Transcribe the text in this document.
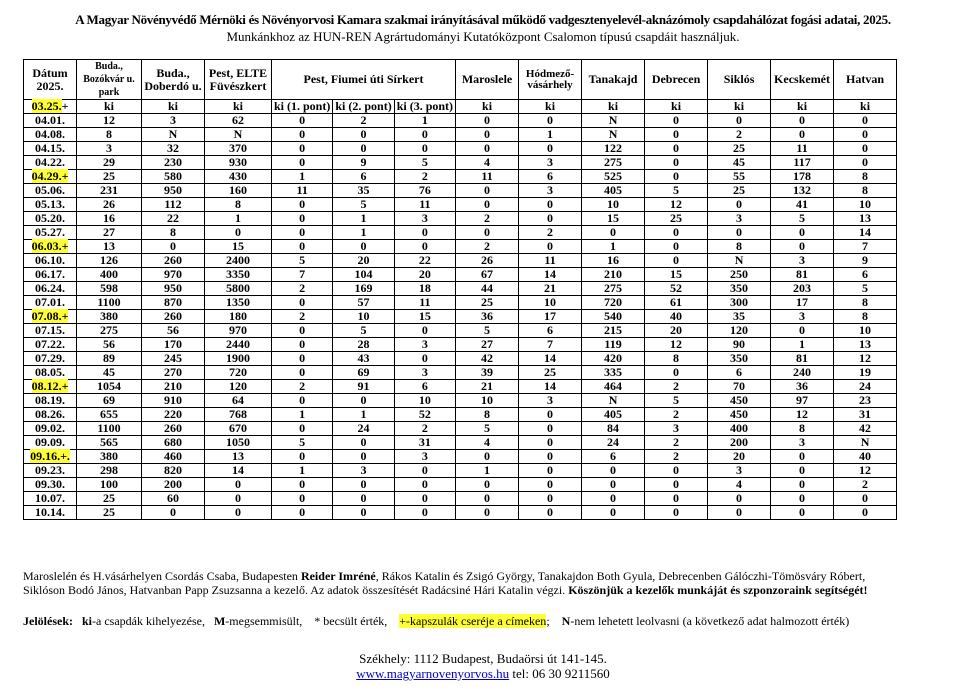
A Magyar Növényvédő Mérnöki és Növényorvosi Kamara szakmai irányításával működő vadgesztenyelevél-aknázómoly csapdahálózat fogási adatai, 2025.
Munkánkhoz az HUN-REN Agrártudományi Kutatóközpont Csalomon típusú csapdáit használjuk.
Dátum 2025.	Buda., Bozókvár u. park	Buda., Doberdó u.	Pest, ELTE Füvészkert	Pest, Fiumei úti Sírkert			Maroslele	Hódmező-vásárhely	Tanakajd	Debrecen	Siklós	Kecskemét	Hatvan
03.25.+	ki	ki	ki	ki (1. pont)	ki (2. pont)	ki (3. pont)	ki	ki	ki	ki	ki	ki	ki
04.01.	12	3	62	0	2	1	0	0	N	0	0	0	0
04.08.	8	N	N	0	0	0	0	1	N	0	2	0	0
04.15.	3	32	370	0	0	0	0	0	122	0	25	11	0
04.22.	29	230	930	0	9	5	4	3	275	0	45	117	0
04.29.+	25	580	430	1	6	2	11	6	525	0	55	178	8
05.06.	231	950	160	11	35	76	0	3	405	5	25	132	8
05.13.	26	112	8	0	5	11	0	0	10	12	0	41	10
05.20.	16	22	1	0	1	3	2	0	15	25	3	5	13
05.27.	27	8	0	0	1	0	0	2	0	0	0	0	14
06.03.+	13	0	15	0	0	0	2	0	1	0	8	0	7
06.10.	126	260	2400	5	20	22	26	11	16	0	N	3	9
06.17.	400	970	3350	7	104	20	67	14	210	15	250	81	6
06.24.	598	950	5800	2	169	18	44	21	275	52	350	203	5
07.01.	1100	870	1350	0	57	11	25	10	720	61	300	17	8
07.08.+	380	260	180	2	10	15	36	17	540	40	35	3	8
07.15.	275	56	970	0	5	0	5	6	215	20	120	0	10
07.22.	56	170	2440	0	28	3	27	7	119	12	90	1	13
07.29.	89	245	1900	0	43	0	42	14	420	8	350	81	12
08.05.	45	270	720	0	69	3	39	25	335	0	6	240	19
08.12.+	1054	210	120	2	91	6	21	14	464	2	70	36	24
08.19.	69	910	64	0	0	10	10	3	N	5	450	97	23
08.26.	655	220	768	1	1	52	8	0	405	2	450	12	31
09.02.	1100	260	670	0	24	2	5	0	84	3	400	8	42
09.09.	565	680	1050	5	0	31	4	0	24	2	200	3	N
09.16.+.	380	460	13	0	0	3	0	0	6	2	20	0	40
09.23.	298	820	14	1	3	0	1	0	0	0	3	0	12
09.30.	100	200	0	0	0	0	0	0	0	0	4	0	2
10.07.	25	60	0	0	0	0	0	0	0	0	0	0	0
10.14.	25	0	0	0	0	0	0	0	0	0	0	0	0
Maroslelén és H.vásárhelyen Csordás Csaba, Budapesten Reider Imréné, Rákos Katalin és Zsigó György, Tanakajdon Both Gyula, Debrecenben Gálóczhi-Tömösváry Róbert,
Siklóson Bodó János, Hatvanban Papp Zsuzsanna a kezelő. Az adatok összesítését Radácsiné Hári Katalin végzi. Köszönjük a kezelők munkáját és szponzoraink segítségét!
Jelölések: ki-a csapdák kihelyezése, M-megsemmisült, * becsült érték, +-kapszulák cseréje a címeken; N-nem lehetett leolvasni (a következő adat halmozott érték)
Székhely: 1112 Budapest, Budaörsi út 141-145.
www.magyarnovenyorvos.hu tel: 06 30 9211560
